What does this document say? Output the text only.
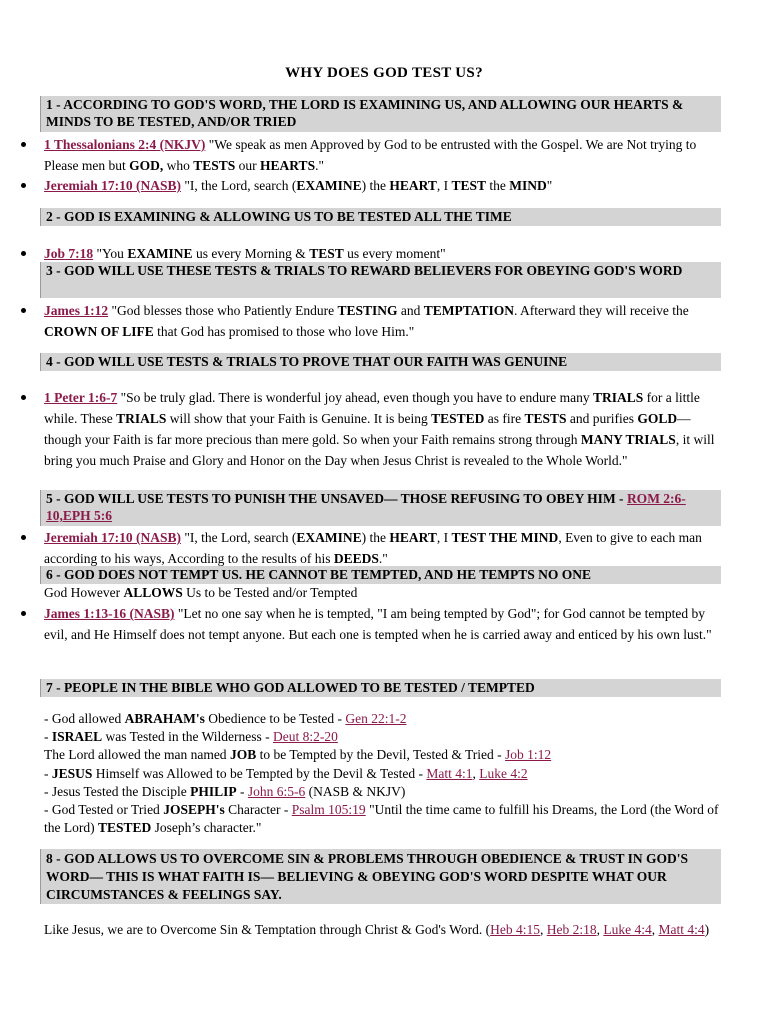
WHY DOES GOD TEST US?
1 - ACCORDING TO GOD'S WORD, THE LORD IS EXAMINING US, AND ALLOWING OUR HEARTS & MINDS TO BE TESTED, AND/OR TRIED
1 Thessalonians 2:4 (NKJV) "We speak as men Approved by God to be entrusted with the Gospel. We are Not trying to Please men but GOD, who TESTS our HEARTS."
Jeremiah 17:10 (NASB) "I, the Lord, search (EXAMINE) the HEART, I TEST the MIND"
2 - GOD IS EXAMINING & ALLOWING US TO BE TESTED ALL THE TIME
Job 7:18 "You EXAMINE us every Morning & TEST us every moment"
3 - GOD WILL USE THESE TESTS & TRIALS TO REWARD BELIEVERS FOR OBEYING GOD'S WORD
James 1:12 "God blesses those who Patiently Endure TESTING and TEMPTATION. Afterward they will receive the CROWN OF LIFE that God has promised to those who love Him."
4 - GOD WILL USE TESTS & TRIALS TO PROVE THAT OUR FAITH WAS GENUINE
1 Peter 1:6-7 "So be truly glad. There is wonderful joy ahead, even though you have to endure many TRIALS for a little while. These TRIALS will show that your Faith is Genuine. It is being TESTED as fire TESTS and purifies GOLD—though your Faith is far more precious than mere gold. So when your Faith remains strong through MANY TRIALS, it will bring you much Praise and Glory and Honor on the Day when Jesus Christ is revealed to the Whole World."
5 - GOD WILL USE TESTS TO PUNISH THE UNSAVED— THOSE REFUSING TO OBEY HIM - ROM 2:6-10,EPH 5:6
Jeremiah 17:10 (NASB) "I, the Lord, search (EXAMINE) the HEART, I TEST THE MIND, Even to give to each man according to his ways, According to the results of his DEEDS."
6 - GOD DOES NOT TEMPT US. HE CANNOT BE TEMPTED, AND HE TEMPTS NO ONE
God However ALLOWS Us to be Tested and/or Tempted
James 1:13-16 (NASB) "Let no one say when he is tempted, "I am being tempted by God"; for God cannot be tempted by evil, and He Himself does not tempt anyone. But each one is tempted when he is carried away and enticed by his own lust."
7 - PEOPLE IN THE BIBLE WHO GOD ALLOWED TO BE TESTED / TEMPTED
- God allowed ABRAHAM's Obedience to be Tested - Gen 22:1-2
- ISRAEL was Tested in the Wilderness - Deut 8:2-20
The Lord allowed the man named JOB to be Tempted by the Devil, Tested & Tried - Job 1:12
- JESUS Himself was Allowed to be Tempted by the Devil & Tested - Matt 4:1, Luke 4:2
- Jesus Tested the Disciple PHILIP - John 6:5-6 (NASB & NKJV)
- God Tested or Tried JOSEPH's Character - Psalm 105:19 "Until the time came to fulfill his Dreams, the Lord (the Word of the Lord) TESTED Joseph’s character."
8 - GOD ALLOWS US TO OVERCOME SIN & PROBLEMS THROUGH OBEDIENCE & TRUST IN GOD'S WORD— THIS IS WHAT FAITH IS— BELIEVING & OBEYING GOD'S WORD DESPITE WHAT OUR CIRCUMSTANCES & FEELINGS SAY.
Like Jesus, we are to Overcome Sin & Temptation through Christ & God's Word. (Heb 4:15, Heb 2:18, Luke 4:4, Matt 4:4)
